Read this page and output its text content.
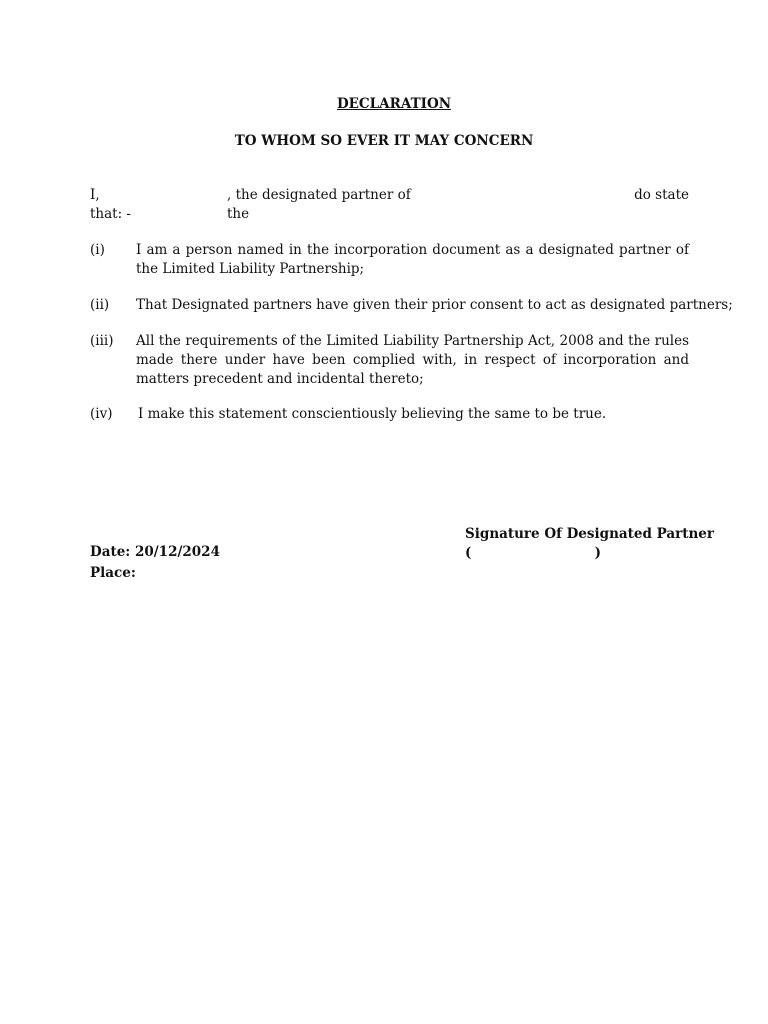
DECLARATION
TO WHOM SO EVER IT MAY CONCERN
I,	, the designated partner of the
do state
that: -
(i)	I am a person named in the incorporation document as a designated partner of the Limited Liability Partnership;
(ii)	That Designated partners have given their prior consent to act as designated partners;
(iii)	All the requirements of the Limited Liability Partnership Act, 2008 and the rules made there under have been complied with, in respect of incorporation and matters precedent and incidental thereto;
(iv)	I make this statement conscientiously believing the same to be true.
Signature Of Designated Partner
(	)
Date: 20/12/2024
Place:
